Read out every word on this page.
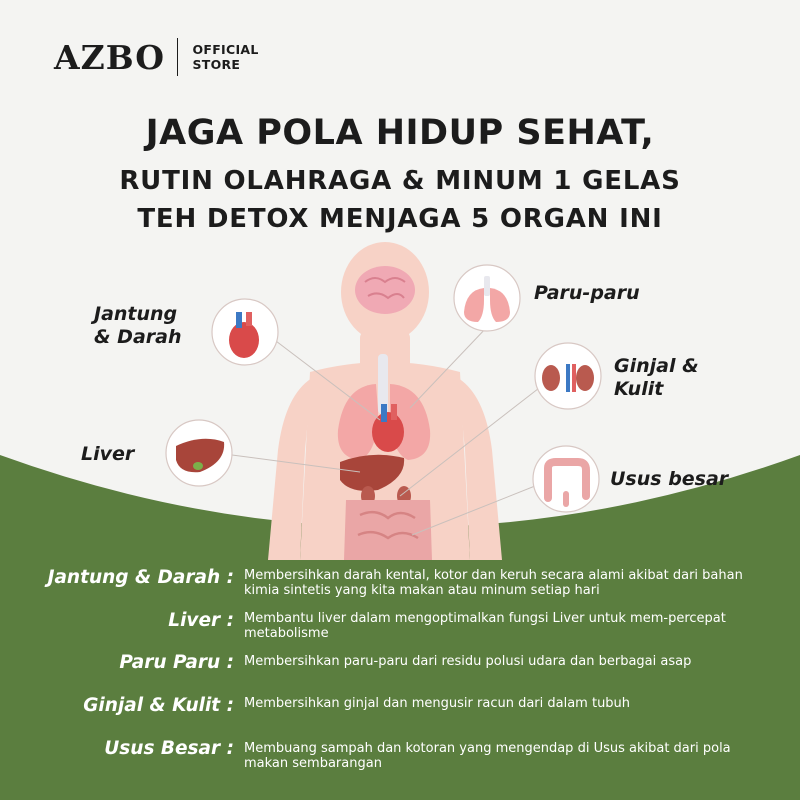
AZBO OFFICIAL
STORE
JAGA POLA HIDUP SEHAT,
RUTIN OLAHRAGA & MINUM 1 GELAS
TEH DETOX MENJAGA 5 ORGAN INI
Jantung
& Darah
Liver
Paru-paru
Ginjal &
Kulit
Usus besar
Jantung & Darah : Membersihkan darah kental, kotor dan keruh secara alami akibat dari bahan kimia sintetis yang kita makan atau minum setiap hari
Liver : Membantu liver dalam mengoptimalkan fungsi Liver untuk mem-percepat metabolisme
Paru Paru : Membersihkan paru-paru dari residu polusi udara dan berbagai asap
Ginjal & Kulit : Membersihkan ginjal dan mengusir racun dari dalam tubuh
Usus Besar : Membuang sampah dan kotoran yang mengendap di Usus akibat dari pola makan sembarangan
